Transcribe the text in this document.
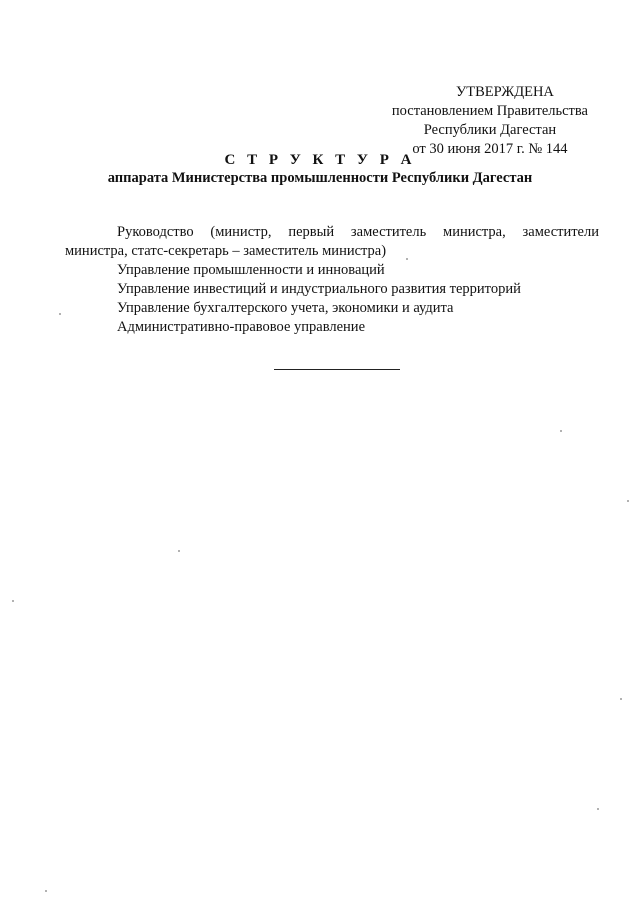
УТВЕРЖДЕНА
постановлением Правительства
Республики Дагестан
от 30 июня 2017 г. № 144
С Т Р У К Т У Р А
аппарата Министерства промышленности Республики Дагестан
Руководство (министр, первый заместитель министра, заместители министра, статс-секретарь – заместитель министра)
Управление промышленности и инноваций
Управление инвестиций и индустриального развития территорий
Управление бухгалтерского учета, экономики и аудита
Административно-правовое управление
